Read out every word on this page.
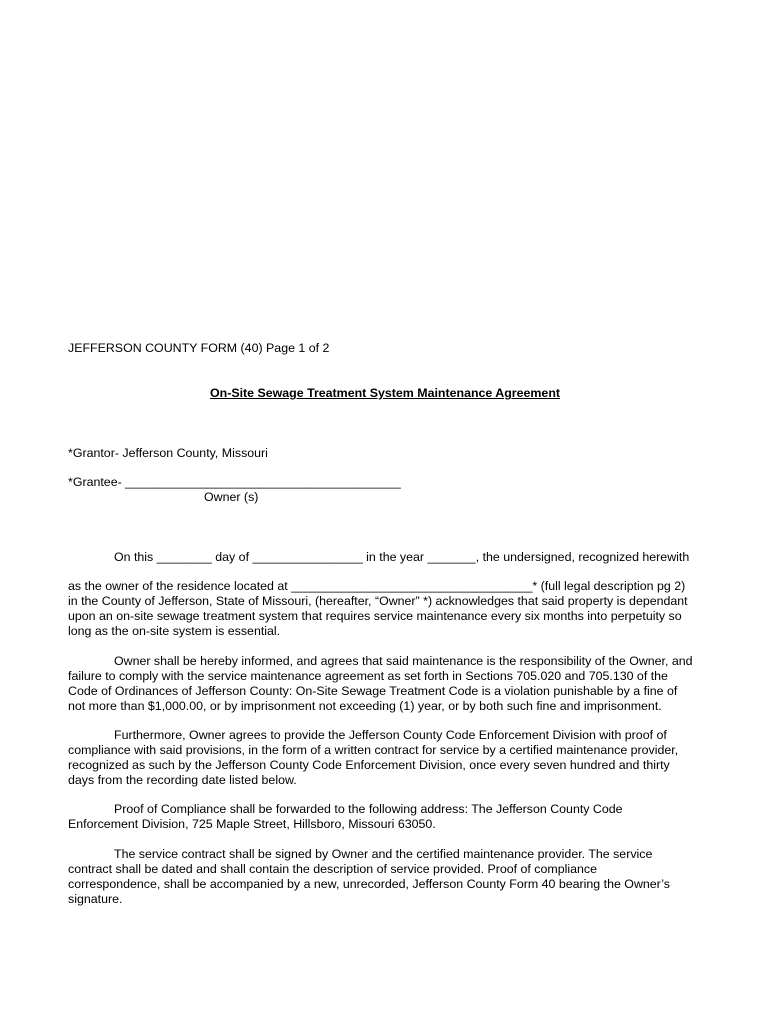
JEFFERSON COUNTY FORM (40) Page 1 of 2
On-Site Sewage Treatment System Maintenance Agreement
*Grantor- Jefferson County, Missouri
*Grantee- ________________________________________
Owner (s)
On this ________ day of ________________ in the year _______, the undersigned, recognized herewith
as the owner of the residence located at ___________________________________* (full legal description pg 2)
in the County of Jefferson, State of Missouri, (hereafter, “Owner” *) acknowledges that said property is dependant
upon an on-site sewage treatment system that requires service maintenance every six months into perpetuity so
long as the on-site system is essential.
Owner shall be hereby informed, and agrees that said maintenance is the responsibility of the Owner, and
failure to comply with the service maintenance agreement as set forth in Sections 705.020 and 705.130 of the
Code of Ordinances of Jefferson County: On-Site Sewage Treatment Code is a violation punishable by a fine of
not more than $1,000.00, or by imprisonment not exceeding (1) year, or by both such fine and imprisonment.
Furthermore, Owner agrees to provide the Jefferson County Code Enforcement Division with proof of
compliance with said provisions, in the form of a written contract for service by a certified maintenance provider,
recognized as such by the Jefferson County Code Enforcement Division, once every seven hundred and thirty
days from the recording date listed below.
Proof of Compliance shall be forwarded to the following address: The Jefferson County Code
Enforcement Division, 725 Maple Street, Hillsboro, Missouri 63050.
The service contract shall be signed by Owner and the certified maintenance provider. The service
contract shall be dated and shall contain the description of service provided. Proof of compliance
correspondence, shall be accompanied by a new, unrecorded, Jefferson County Form 40 bearing the Owner’s
signature.
